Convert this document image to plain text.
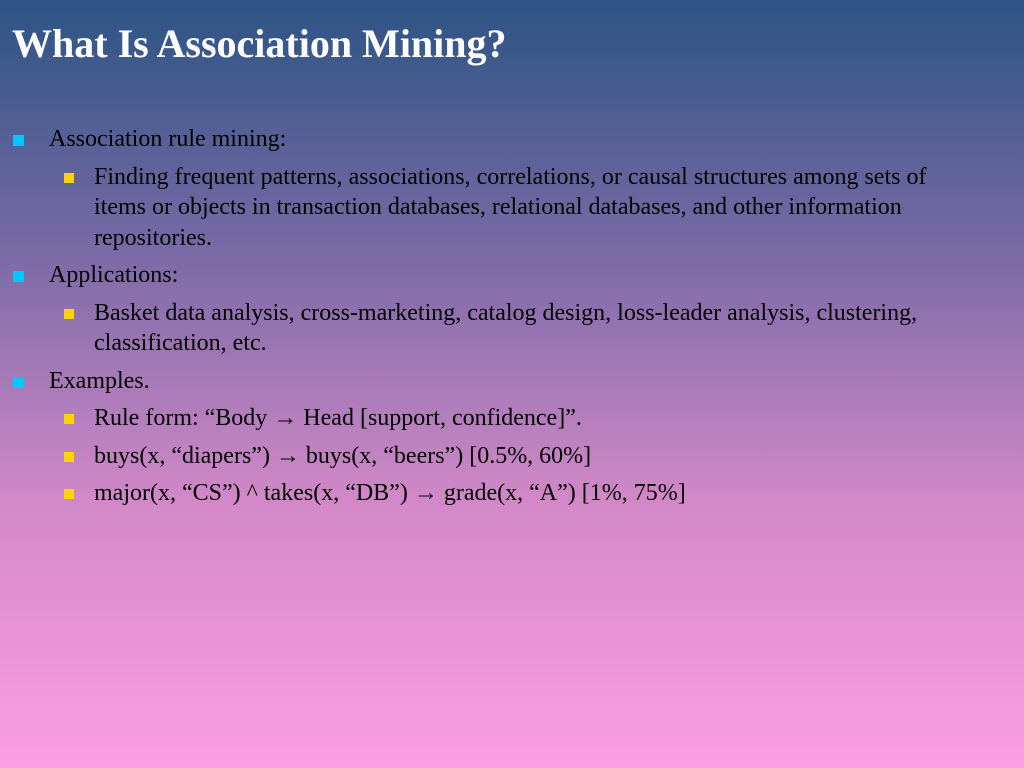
What Is Association Mining?
Association rule mining:
Finding frequent patterns, associations, correlations, or causal structures among sets of items or objects in transaction databases, relational databases, and other information repositories.
Applications:
Basket data analysis, cross-marketing, catalog design, loss-leader analysis, clustering, classification, etc.
Examples.
Rule form: “Body → Head [support, confidence]”.
buys(x, “diapers”) → buys(x, “beers”) [0.5%, 60%]
major(x, “CS”) ^ takes(x, “DB”) → grade(x, “A”) [1%, 75%]
